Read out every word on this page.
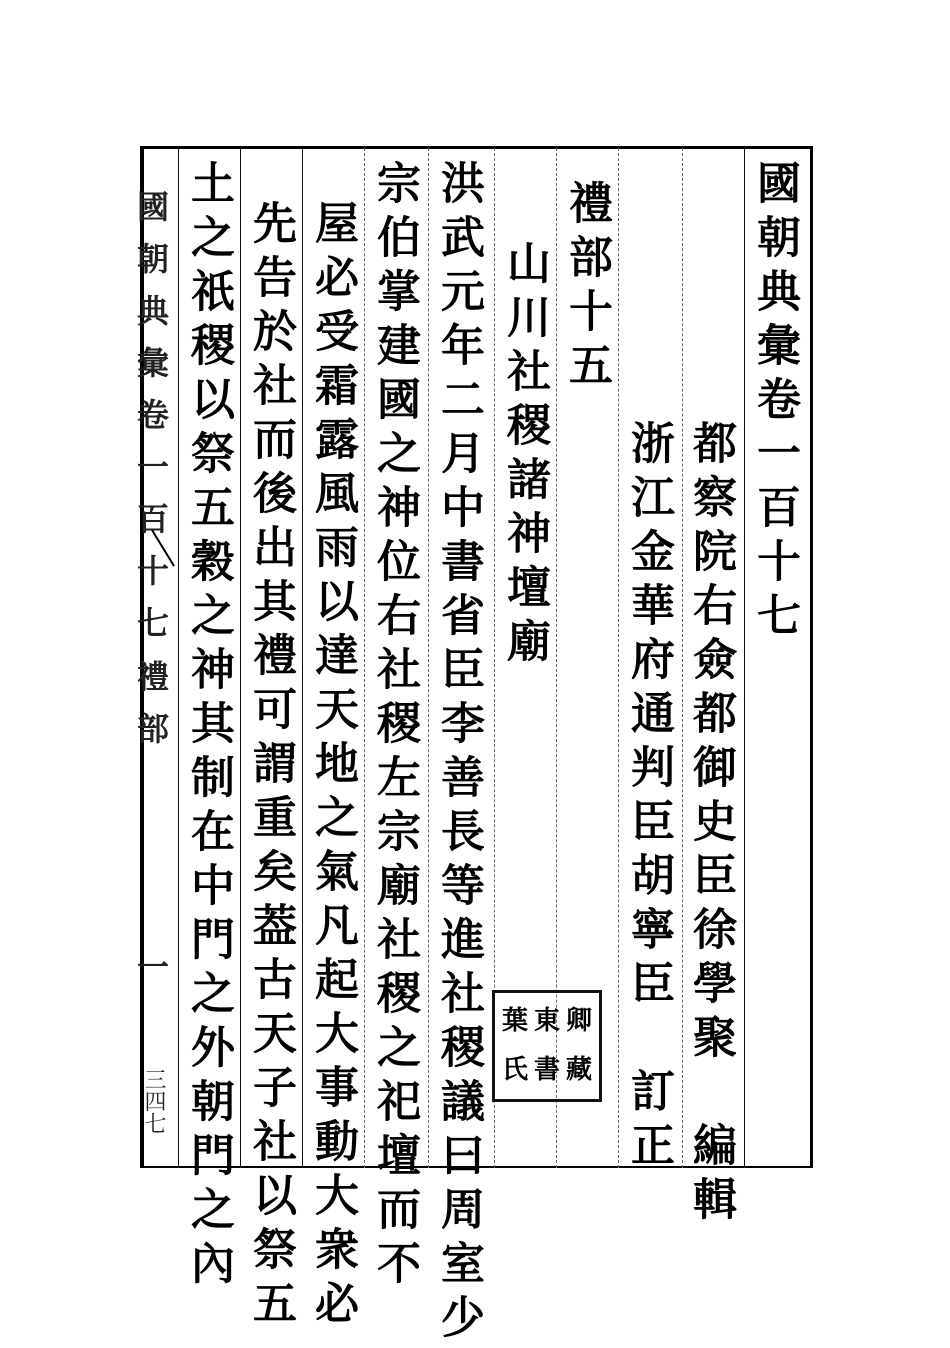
國朝典彙卷一百十七
禮部
一
三四七
國朝典彙卷一百十七
都察院右僉都御史臣徐學聚　編輯
浙江金華府通判臣胡寧臣　訂正
禮部十五
山川社稷諸神壇廟
洪武元年二月中書省臣李善長等進社稷議曰周室少
宗伯掌建國之神位右社稷左宗廟社稷之祀壇而不
屋必受霜露風雨以達天地之氣凡起大事動大衆必
先告於社而後出其禮可謂重矣葢古天子社以祭五
土之祇稷以祭五穀之神其制在中門之外朝門之內	葉 東 卿
氏 書 藏
